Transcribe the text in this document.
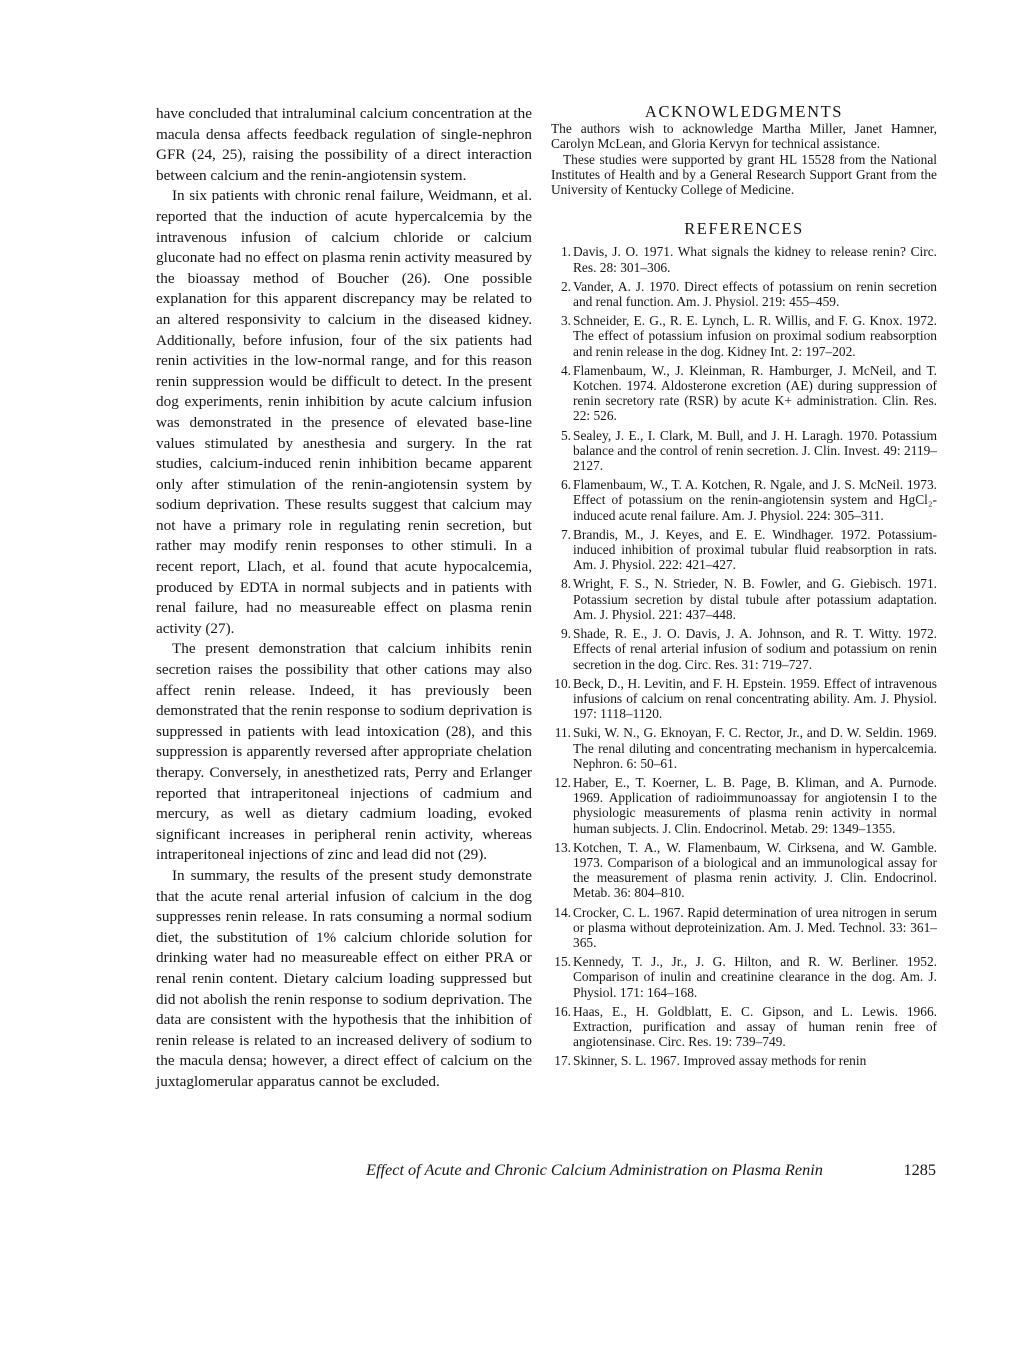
have concluded that intraluminal calcium concentration at the macula densa affects feedback regulation of single-nephron GFR (24, 25), raising the possibility of a direct interaction between calcium and the renin-angiotensin system.

In six patients with chronic renal failure, Weidmann, et al. reported that the induction of acute hypercalcemia by the intravenous infusion of calcium chloride or calcium gluconate had no effect on plasma renin activity measured by the bioassay method of Boucher (26). One possible explanation for this apparent discrepancy may be related to an altered responsivity to calcium in the diseased kidney. Additionally, before infusion, four of the six patients had renin activities in the low-normal range, and for this reason renin suppression would be difficult to detect. In the present dog experiments, renin inhibition by acute calcium infusion was demonstrated in the presence of elevated base-line values stimulated by anesthesia and surgery. In the rat studies, calcium-induced renin inhibition became apparent only after stimulation of the renin-angiotensin system by sodium deprivation. These results suggest that calcium may not have a primary role in regulating renin secretion, but rather may modify renin responses to other stimuli. In a recent report, Llach, et al. found that acute hypocalcemia, produced by EDTA in normal subjects and in patients with renal failure, had no measureable effect on plasma renin activity (27).

The present demonstration that calcium inhibits renin secretion raises the possibility that other cations may also affect renin release. Indeed, it has previously been demonstrated that the renin response to sodium deprivation is suppressed in patients with lead intoxication (28), and this suppression is apparently reversed after appropriate chelation therapy. Conversely, in anesthetized rats, Perry and Erlanger reported that intraperitoneal injections of cadmium and mercury, as well as dietary cadmium loading, evoked significant increases in peripheral renin activity, whereas intraperitoneal injections of zinc and lead did not (29).

In summary, the results of the present study demonstrate that the acute renal arterial infusion of calcium in the dog suppresses renin release. In rats consuming a normal sodium diet, the substitution of 1% calcium chloride solution for drinking water had no measureable effect on either PRA or renal renin content. Dietary calcium loading suppressed but did not abolish the renin response to sodium deprivation. The data are consistent with the hypothesis that the inhibition of renin release is related to an increased delivery of sodium to the macula densa; however, a direct effect of calcium on the juxtaglomerular apparatus cannot be excluded.

ACKNOWLEDGMENTS

The authors wish to acknowledge Martha Miller, Janet Hamner, Carolyn McLean, and Gloria Kervyn for technical assistance.

These studies were supported by grant HL 15528 from the National Institutes of Health and by a General Research Support Grant from the University of Kentucky College of Medicine.

REFERENCES
1. Davis, J. O. 1971. What signals the kidney to release renin? Circ. Res. 28: 301–306.
2. Vander, A. J. 1970. Direct effects of potassium on renin secretion and renal function. Am. J. Physiol. 219: 455–459.
3. Schneider, E. G., R. E. Lynch, L. R. Willis, and F. G. Knox. 1972. The effect of potassium infusion on proximal sodium reabsorption and renin release in the dog. Kidney Int. 2: 197–202.
4. Flamenbaum, W., J. Kleinman, R. Hamburger, J. McNeil, and T. Kotchen. 1974. Aldosterone excretion (AE) during suppression of renin secretory rate (RSR) by acute K+ administration. Clin. Res. 22: 526.
5. Sealey, J. E., I. Clark, M. Bull, and J. H. Laragh. 1970. Potassium balance and the control of renin secretion. J. Clin. Invest. 49: 2119–2127.
6. Flamenbaum, W., T. A. Kotchen, R. Ngale, and J. S. McNeil. 1973. Effect of potassium on the renin-angiotensin system and HgCl₂-induced acute renal failure. Am. J. Physiol. 224: 305–311.
7. Brandis, M., J. Keyes, and E. E. Windhager. 1972. Potassium-induced inhibition of proximal tubular fluid reabsorption in rats. Am. J. Physiol. 222: 421–427.
8. Wright, F. S., N. Strieder, N. B. Fowler, and G. Giebisch. 1971. Potassium secretion by distal tubule after potassium adaptation. Am. J. Physiol. 221: 437–448.
9. Shade, R. E., J. O. Davis, J. A. Johnson, and R. T. Witty. 1972. Effects of renal arterial infusion of sodium and potassium on renin secretion in the dog. Circ. Res. 31: 719–727.
10. Beck, D., H. Levitin, and F. H. Epstein. 1959. Effect of intravenous infusions of calcium on renal concentrating ability. Am. J. Physiol. 197: 1118–1120.
11. Suki, W. N., G. Eknoyan, F. C. Rector, Jr., and D. W. Seldin. 1969. The renal diluting and concentrating mechanism in hypercalcemia. Nephron. 6: 50–61.
12. Haber, E., T. Koerner, L. B. Page, B. Kliman, and A. Purnode. 1969. Application of radioimmunoassay for angiotensin I to the physiologic measurements of plasma renin activity in normal human subjects. J. Clin. Endocrinol. Metab. 29: 1349–1355.
13. Kotchen, T. A., W. Flamenbaum, W. Cirksena, and W. Gamble. 1973. Comparison of a biological and an immunological assay for the measurement of plasma renin activity. J. Clin. Endocrinol. Metab. 36: 804–810.
14. Crocker, C. L. 1967. Rapid determination of urea nitrogen in serum or plasma without deproteinization. Am. J. Med. Technol. 33: 361–365.
15. Kennedy, T. J., Jr., J. G. Hilton, and R. W. Berliner. 1952. Comparison of inulin and creatinine clearance in the dog. Am. J. Physiol. 171: 164–168.
16. Haas, E., H. Goldblatt, E. C. Gipson, and L. Lewis. 1966. Extraction, purification and assay of human renin free of angiotensinase. Circ. Res. 19: 739–749.
17. Skinner, S. L. 1967. Improved assay methods for renin
Effect of Acute and Chronic Calcium Administration on Plasma Renin	1285
